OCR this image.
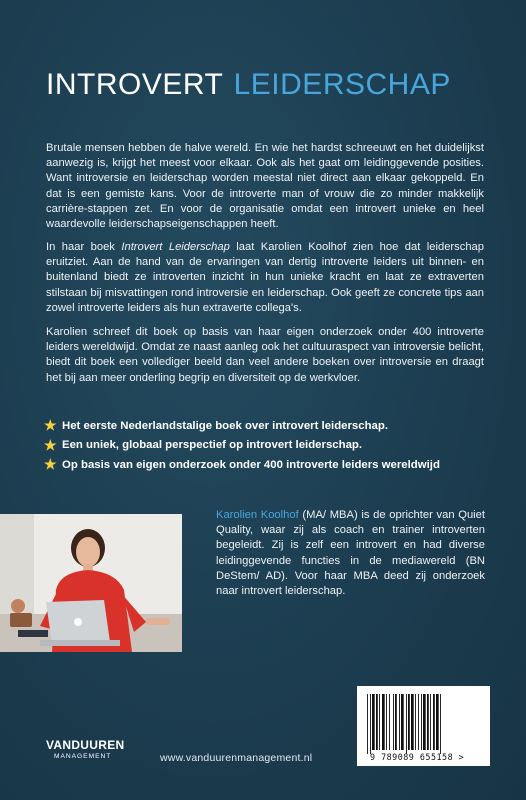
INTROVERT LEIDERSCHAP

Brutale mensen hebben de halve wereld. En wie het hardst schreeuwt en het duidelijkst aanwezig is, krijgt het meest voor elkaar. Ook als het gaat om leidinggevende posities. Want introversie en leiderschap worden meestal niet direct aan elkaar gekoppeld. En dat is een gemiste kans. Voor de introverte man of vrouw die zo minder makkelijk carrière-stappen zet. En voor de organisatie omdat een introvert unieke en heel waardevolle leiderschapseigenschappen heeft.

In haar boek Introvert Leiderschap laat Karolien Koolhof zien hoe dat leiderschap eruitziet. Aan de hand van de ervaringen van dertig introverte leiders uit binnen- en buitenland biedt ze introverten inzicht in hun unieke kracht en laat ze extraverten stilstaan bij misvattingen rond introversie en leiderschap. Ook geeft ze concrete tips aan zowel introverte leiders als hun extraverte collega's.

Karolien schreef dit boek op basis van haar eigen onderzoek onder 400 introverte leiders wereldwijd. Omdat ze naast aanleg ook het cultuuraspect van introversie belicht, biedt dit boek een vollediger beeld dan veel andere boeken over introversie en draagt het bij aan meer onderling begrip en diversiteit op de werkvloer.

★ Het eerste Nederlandstalige boek over introvert leiderschap.
★ Een uniek, globaal perspectief op introvert leiderschap.
★ Op basis van eigen onderzoek onder 400 introverte leiders wereldwijd

Karolien Koolhof (MA/ MBA) is de oprichter van Quiet Quality, waar zij als coach en trainer introverten begeleidt. Zij is zelf een introvert en had diverse leidinggevende functies in de mediawereld (BN DeStem/ AD). Voor haar MBA deed zij onderzoek naar introvert leiderschap.

9 789089 655158 >
VANDUUREN
MANAGEMENT	www.vanduurenmanagement.nl
